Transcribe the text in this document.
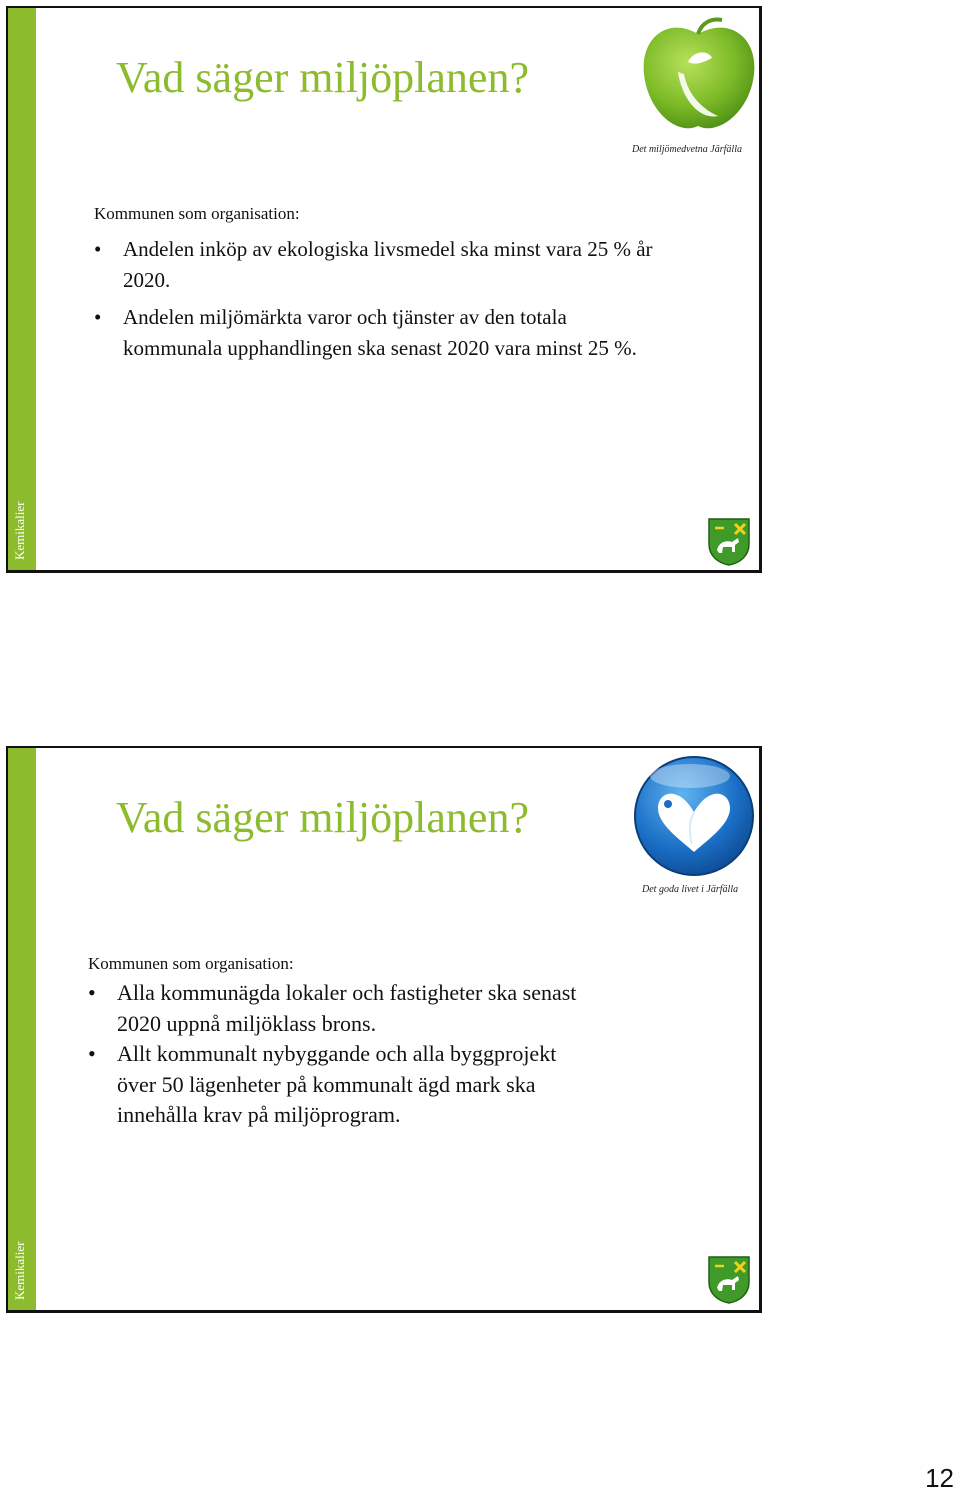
Kemikalier
Vad säger miljöplanen?
Det miljömedvetna Järfälla

Kommunen som organisation:

• Andelen inköp av ekologiska livsmedel ska minst vara 25 % år 2020.
• Andelen miljömärkta varor och tjänster av den totala kommunala upphandlingen ska senast 2020 vara minst 25 %.
Kemikalier
Vad säger miljöplanen?
Det goda livet i Järfälla

Kommunen som organisation:

• Alla kommunägda lokaler och fastigheter ska senast 2020 uppnå miljöklass brons.
• Allt kommunalt nybyggande och alla byggprojekt över 50 lägenheter på kommunalt ägd mark ska innehålla krav på miljöprogram.
12
